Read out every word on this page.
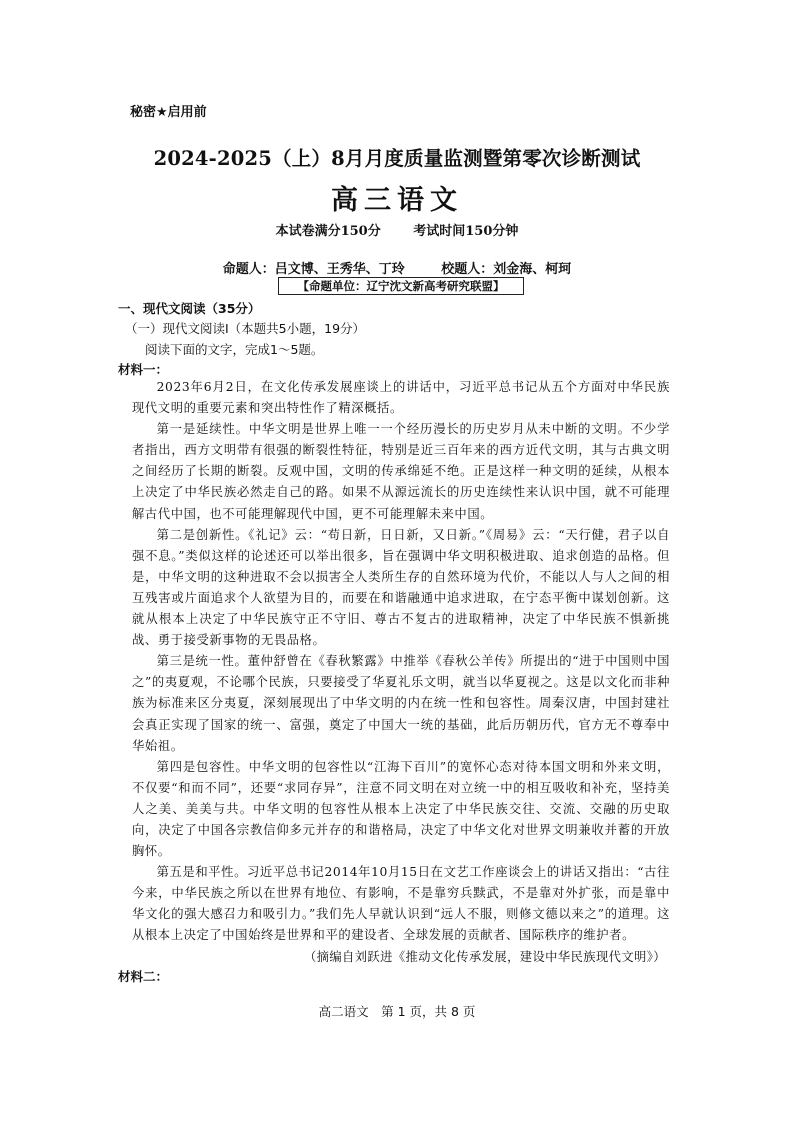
秘密★启用前
2024-2025（上）8月月度质量监测暨第零次诊断测试
高三语文
本试卷满分150分	考试时间150分钟
命题人：吕文博、王秀华、丁玲	校题人：刘金海、柯珂
【命题单位：辽宁沈文新高考研究联盟】
一、现代文阅读（35分）
（一）现代文阅读Ⅰ（本题共5小题，19分）
阅读下面的文字，完成1～5题。
材料一：

2023年6月2日，在文化传承发展座谈上的讲话中，习近平总书记从五个方面对中华民族现代文明的重要元素和突出特性作了精深概括。

第一是延续性。中华文明是世界上唯一一个经历漫长的历史岁月从未中断的文明。不少学者指出，西方文明带有很强的断裂性特征，特别是近三百年来的西方近代文明，其与古典文明之间经历了长期的断裂。反观中国，文明的传承绵延不绝。正是这样一种文明的延续，从根本上决定了中华民族必然走自己的路。如果不从源远流长的历史连续性来认识中国，就不可能理解古代中国，也不可能理解现代中国，更不可能理解未来中国。

第二是创新性。《礼记》云：“苟日新，日日新，又日新。”《周易》云：“天行健，君子以自强不息。”类似这样的论述还可以举出很多，旨在强调中华文明积极进取、追求创造的品格。但是，中华文明的这种进取不会以损害全人类所生存的自然环境为代价，不能以人与人之间的相互残害或片面追求个人欲望为目的，而要在和谐融通中追求进取，在宁态平衡中谋划创新。这就从根本上决定了中华民族守正不守旧、尊古不复古的进取精神，决定了中华民族不惧新挑战、勇于接受新事物的无畏品格。

第三是统一性。董仲舒曾在《春秋繁露》中推举《春秋公羊传》所提出的“进于中国则中国之”的夷夏观，不论哪个民族，只要接受了华夏礼乐文明，就当以华夏视之。这是以文化而非种族为标准来区分夷夏，深刻展现出了中华文明的内在统一性和包容性。周秦汉唐，中国封建社会真正实现了国家的统一、富强，奠定了中国大一统的基础，此后历朝历代，官方无不尊奉中华始祖。

第四是包容性。中华文明的包容性以“江海下百川”的宽怀心态对待本国文明和外来文明，不仅要“和而不同”，还要“求同存异”，注意不同文明在对立统一中的相互吸收和补充，坚持美人之美、美美与共。中华文明的包容性从根本上决定了中华民族交往、交流、交融的历史取向，决定了中国各宗教信仰多元并存的和谐格局，决定了中华文化对世界文明兼收并蓄的开放胸怀。

第五是和平性。习近平总书记2014年10月15日在文艺工作座谈会上的讲话又指出：“古往今来，中华民族之所以在世界有地位、有影响，不是靠穷兵黩武，不是靠对外扩张，而是靠中华文化的强大感召力和吸引力。”我们先人早就认识到“远人不服，则修文德以来之”的道理。这从根本上决定了中国始终是世界和平的建设者、全球发展的贡献者、国际秩序的维护者。

（摘编自刘跃进《推动文化传承发展，建设中华民族现代文明》）
材料二：
高二语文　第 1 页，共 8 页
